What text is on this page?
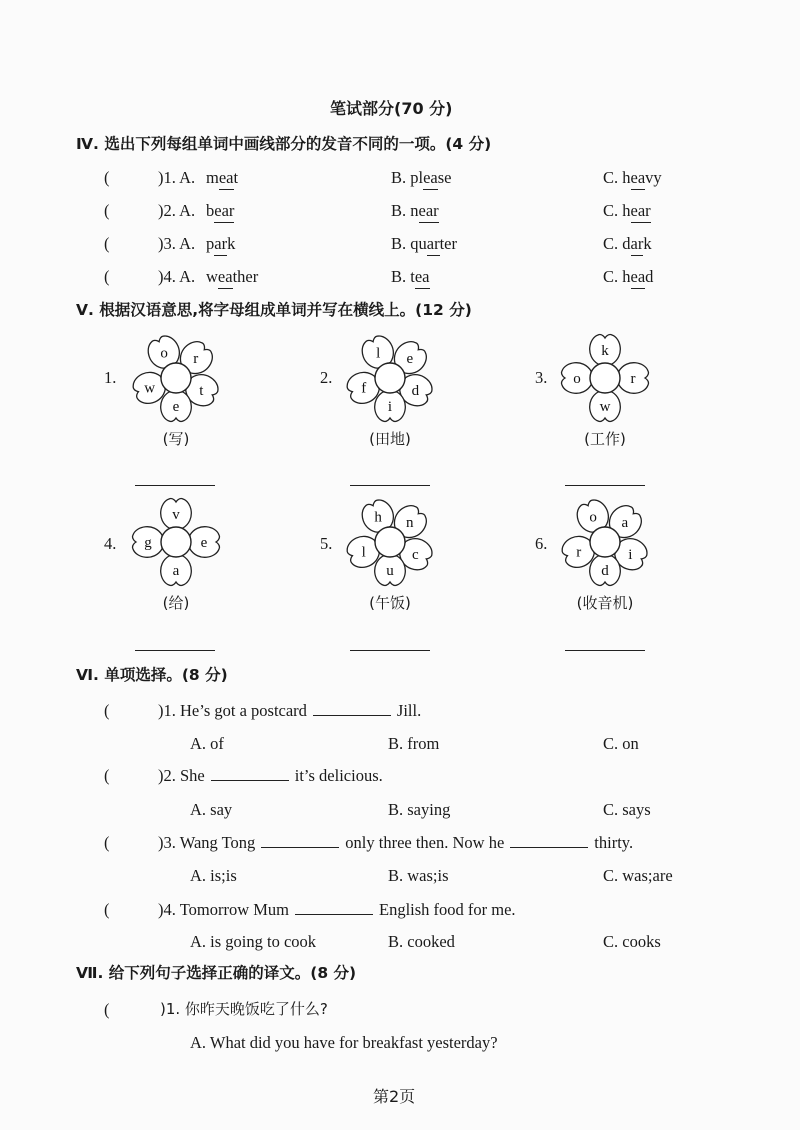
笔试部分(70 分)
Ⅳ. 选出下列每组单词中画线部分的发音不同的一项。(4 分)
(	)1. A. meat	B. please	C. heavy
(	)2. A. bear	B. near	C. hear
(	)3. A. park	B. quarter	C. dark
(	)4. A. weather	B. tea	C. head
Ⅴ. 根据汉语意思,将字母组成单词并写在横线上。(12 分)
1.
o r
t
e
w
(写)
2.
l e
d
i
f
(田地)
3.
k
r
w
o
(工作)
4.
v
e
a
g
(给)
5.
h n
c
u
l
(午饭)
6.
o a
i
d
r
(收音机)
Ⅵ. 单项选择。(8 分)
(	)1. He’s got a postcard	Jill.
A. of	B. from	C. on
(	)2. She	it’s delicious.
A. say	B. saying	C. says
(	)3. Wang Tong	only three then. Now he	thirty.
A. is;is	B. was;is	C. was;are
(	)4. Tomorrow Mum	English food for me.
A. is going to cook	B. cooked	C. cooks
Ⅶ. 给下列句子选择正确的译文。(8 分)
(	)1. 你昨天晚饭吃了什么?
A. What did you have for breakfast yesterday?
第2页
